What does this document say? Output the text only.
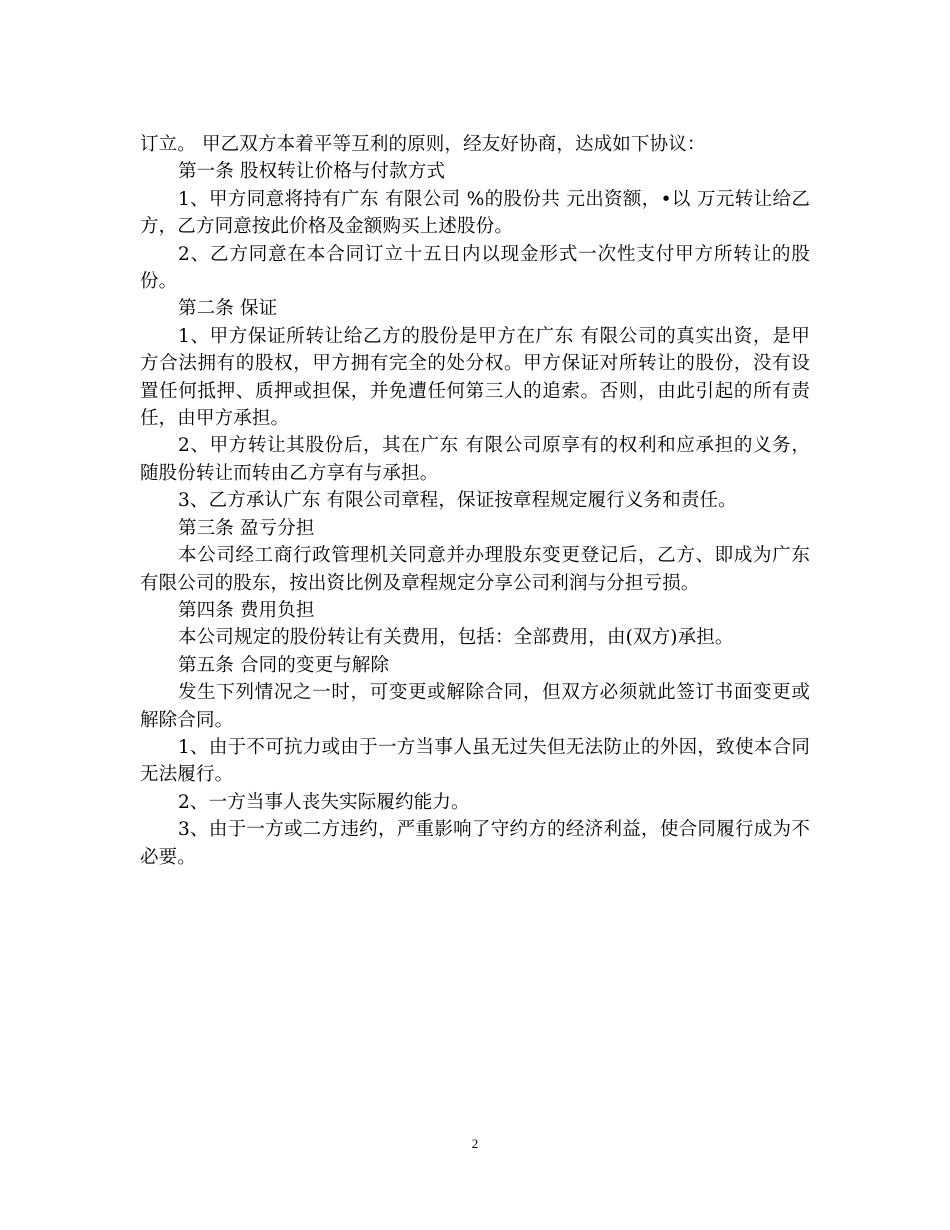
订立。 甲乙双方本着平等互利的原则，经友好协商，达成如下协议：

第一条 股权转让价格与付款方式

1、甲方同意将持有广东 有限公司 %的股份共 元出资额，•以 万元转让给乙方，乙方同意按此价格及金额购买上述股份。

2、乙方同意在本合同订立十五日内以现金形式一次性支付甲方所转让的股份。

第二条 保证

1、甲方保证所转让给乙方的股份是甲方在广东 有限公司的真实出资，是甲方合法拥有的股权，甲方拥有完全的处分权。甲方保证对所转让的股份，没有设置任何抵押、质押或担保，并免遭任何第三人的追索。否则，由此引起的所有责任，由甲方承担。

2、甲方转让其股份后，其在广东 有限公司原享有的权利和应承担的义务，随股份转让而转由乙方享有与承担。

3、乙方承认广东 有限公司章程，保证按章程规定履行义务和责任。

第三条 盈亏分担

本公司经工商行政管理机关同意并办理股东变更登记后，乙方、即成为广东 有限公司的股东，按出资比例及章程规定分享公司利润与分担亏损。

第四条 费用负担

本公司规定的股份转让有关费用，包括：全部费用，由(双方)承担。

第五条 合同的变更与解除

发生下列情况之一时，可变更或解除合同，但双方必须就此签订书面变更或解除合同。

1、由于不可抗力或由于一方当事人虽无过失但无法防止的外因，致使本合同无法履行。

2、一方当事人丧失实际履约能力。

3、由于一方或二方违约，严重影响了守约方的经济利益，使合同履行成为不必要。

2
